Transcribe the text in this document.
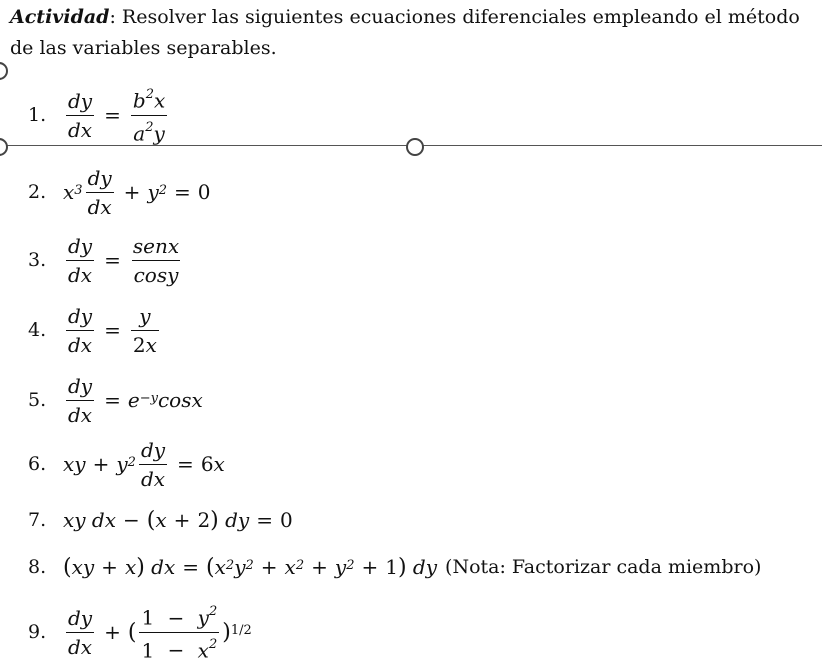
Actividad: Resolver las siguientes ecuaciones diferenciales empleando el método de las variables separables.

1. $\frac{dy}{dx} = \frac{b^2x}{a^2y}$
2. $x^3 \frac{dy}{dx} + y^2 = 0$
3. $\frac{dy}{dx} = \frac{\text{senx}}{\cos y}$
4. $\frac{dy}{dx} = \frac{y}{2x}$
5. $\frac{dy}{dx} = e$ $^{-y}$ cosx
6. xy + $y^2 \frac{dy}{dx} = 6$ x
7. xy dx − ( x + 2 ) dy = 0
8. ( xy + x ) dx = ( $x^2$ $y^2 + x^2 + y^2 + 1$ ) dy (Nota: Factorizar cada miembro)
9. $\frac{dy}{dx}$ + ( $\frac{1 - y^2}{1 - x^2}$ ) $^{1/2}$
